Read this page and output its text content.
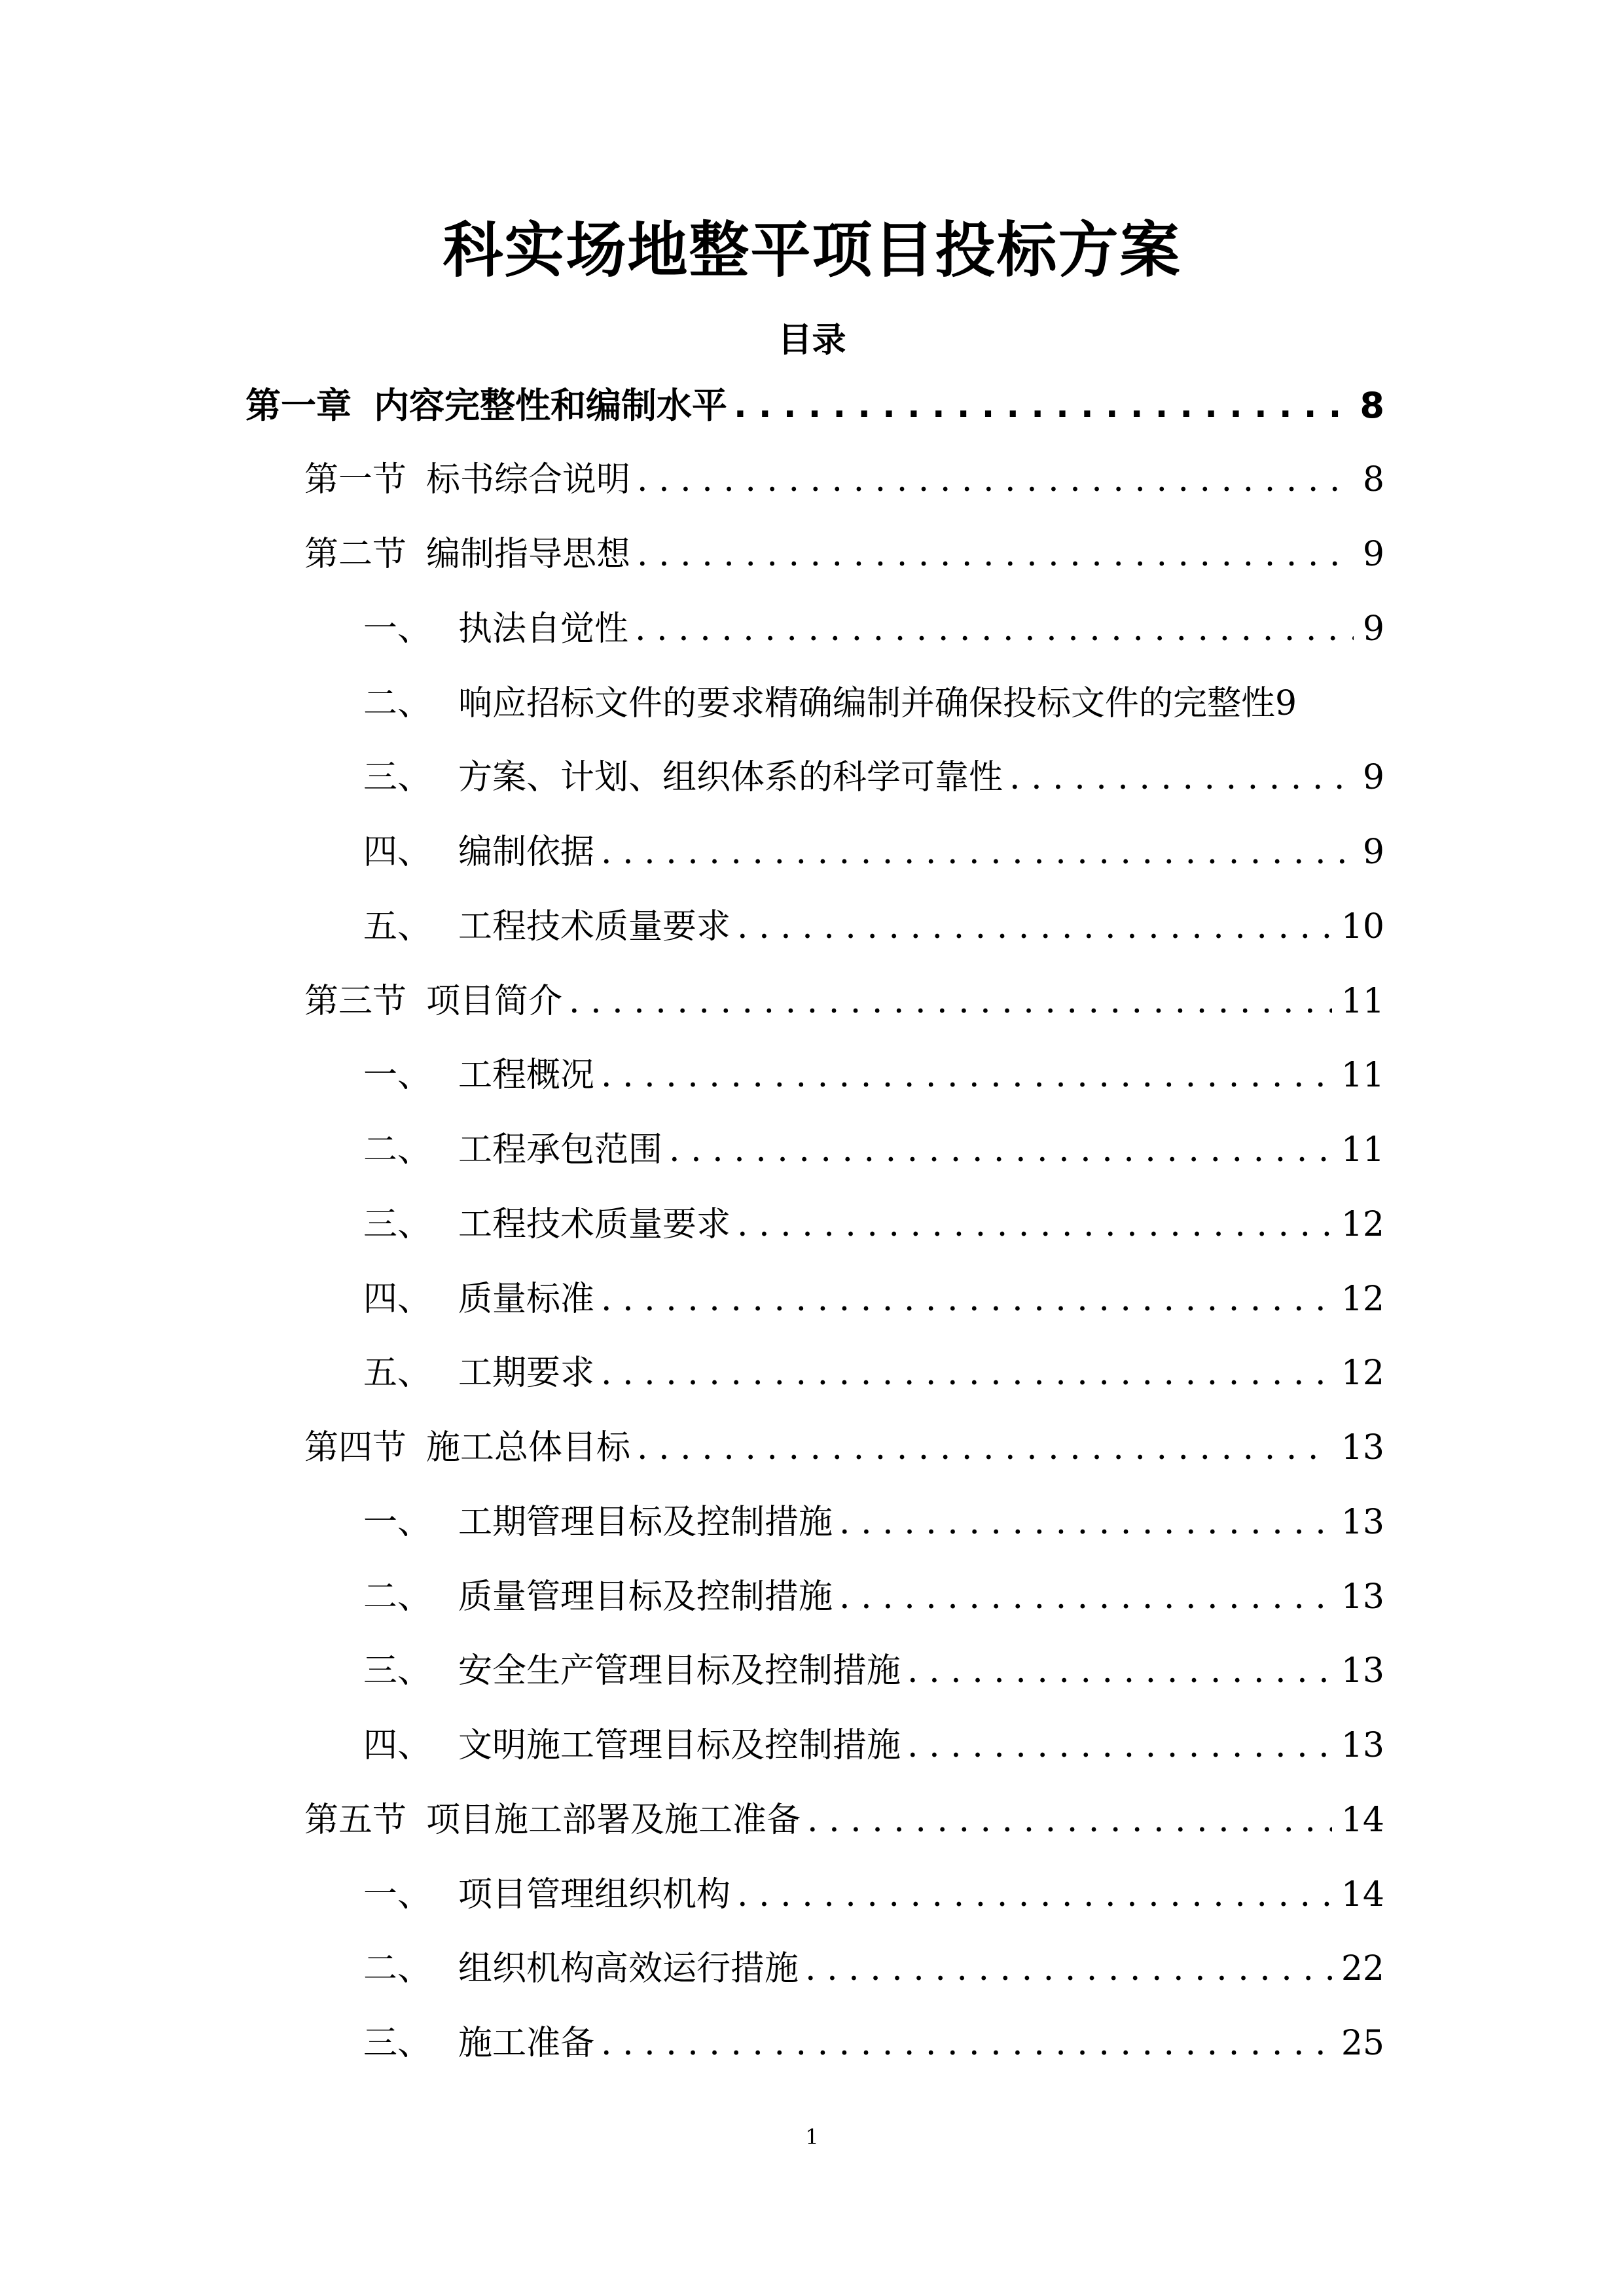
科实场地整平项目投标方案
目录
第一章 内容完整性和编制水平 . . .	8
第一节 标书综合说明 . . .	8
第二节 编制指导思想 . . .	9
一、 执法自觉性 . . .	9
二、 响应招标文件的要求精确编制并确保投标文件的完整性 9
三、 方案、计划、组织体系的科学可靠性 . . .	9
四、 编制依据 . . .	9
五、 工程技术质量要求 . . .	10
第三节 项目简介 . . .	11
一、 工程概况 . . .	11
二、 工程承包范围 . . .	11
三、 工程技术质量要求 . . .	12
四、 质量标准 . . .	12
五、 工期要求 . . .	12
第四节 施工总体目标 . . .	13
一、 工期管理目标及控制措施 . . .	13
二、 质量管理目标及控制措施 . . .	13
三、 安全生产管理目标及控制措施 . . .	13
四、 文明施工管理目标及控制措施 . . .	13
第五节 项目施工部署及施工准备 . . .	14
一、 项目管理组织机构 . . .	14
二、 组织机构高效运行措施 . . .	22
三、 施工准备 . . .	25
1
